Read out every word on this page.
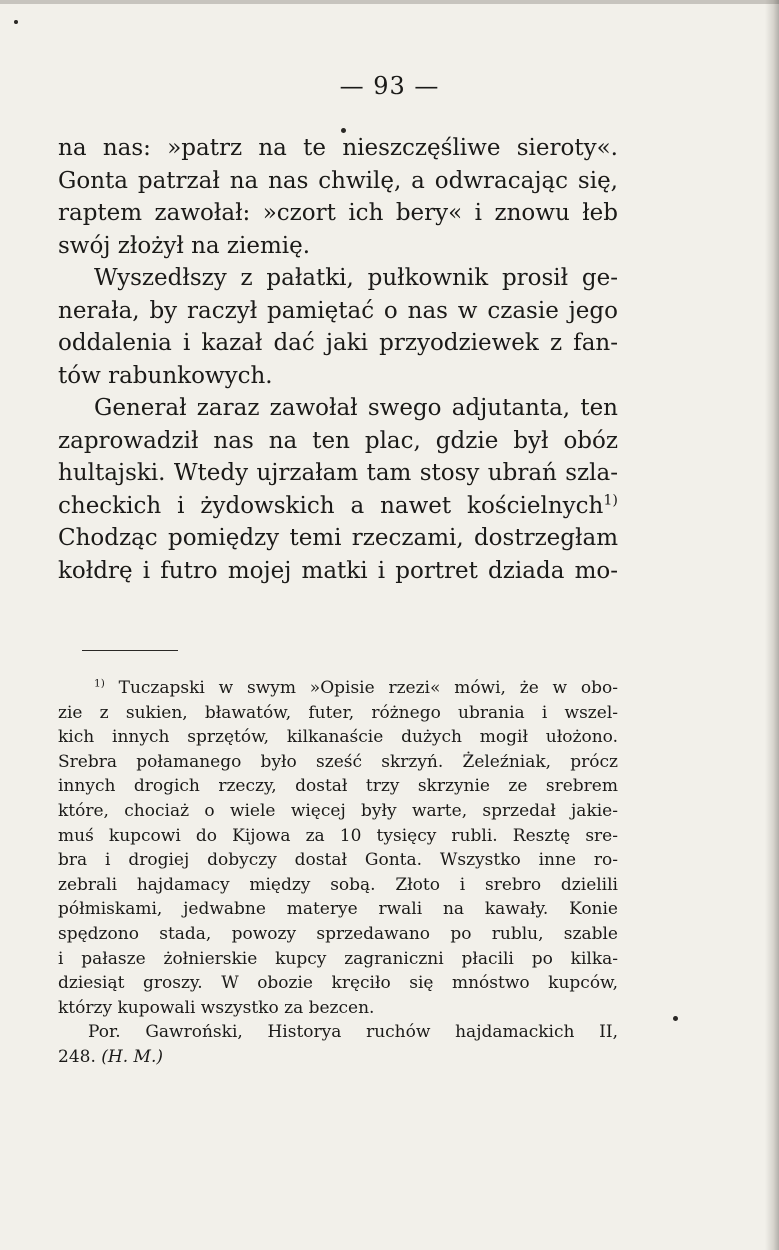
— 93 —
na nas: »patrz na te nieszczęśliwe sieroty«.
Gonta patrzał na nas chwilę, a odwracając się,
raptem zawołał: »czort ich bery« i znowu łeb
swój złożył na ziemię.
Wyszedłszy z pałatki, pułkownik prosił ge-
nerała, by raczył pamiętać o nas w czasie jego
oddalenia i kazał dać jaki przyodziewek z fan-
tów rabunkowych.
Generał zaraz zawołał swego adjutanta, ten
zaprowadził nas na ten plac, gdzie był obóz
hultajski. Wtedy ujrzałam tam stosy ubrań szla-
checkich i żydowskich a nawet kościelnych$^{1)}$
Chodząc pomiędzy temi rzeczami, dostrzegłam
kołdrę i futro mojej matki i portret dziada mo-
$^{1)}$ Tuczapski w swym »Opisie rzezi« mówi, że w obo-
zie z sukien, bławatów, futer, różnego ubrania i wszel-
kich innych sprzętów, kilkanaście dużych mogił ułożono.
Srebra połamanego było sześć skrzyń. Żeleźniak, prócz
innych drogich rzeczy, dostał trzy skrzynie ze srebrem
które, chociaż o wiele więcej były warte, sprzedał jakie-
muś kupcowi do Kijowa za 10 tysięcy rubli. Resztę sre-
bra i drogiej dobyczy dostał Gonta. Wszystko inne ro-
zebrali hajdamacy między sobą. Złoto i srebro dzielili
półmiskami, jedwabne materye rwali na kawały. Konie
spędzono stada, powozy sprzedawano po rublu, szable
i pałasze żołnierskie kupcy zagraniczni płacili po kilka-
dziesiąt groszy. W obozie kręciło się mnóstwo kupców,
którzy kupowali wszystko za bezcen.
Por. Gawroński, Historya ruchów hajdamackich II,
248. (H. M.)
